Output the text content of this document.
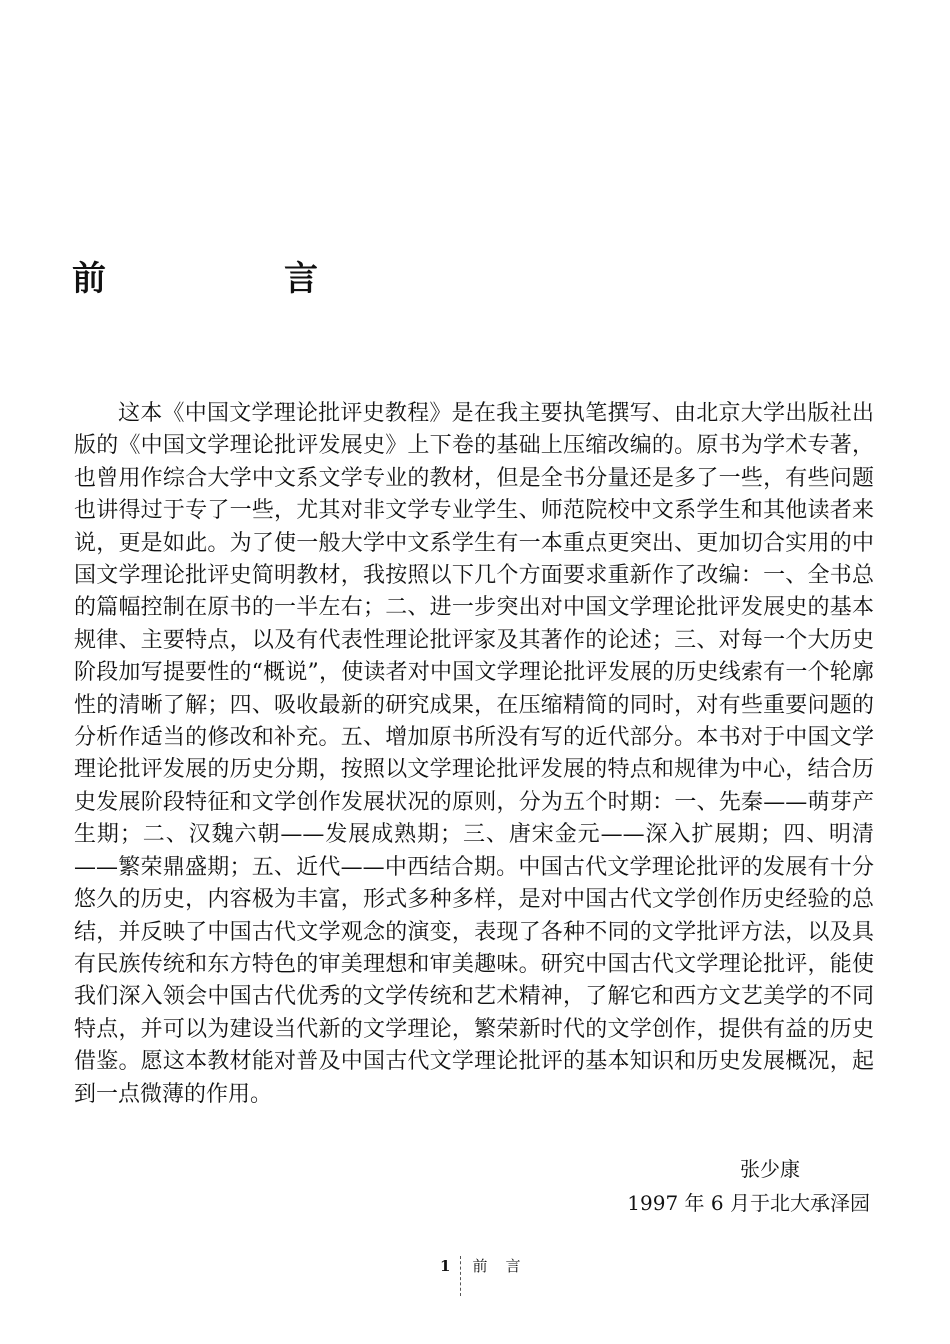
前　言

这本《中国文学理论批评史教程》是在我主要执笔撰写、由北京大学出版社出版的《中国文学理论批评发展史》上下卷的基础上压缩改编的。原书为学术专著，也曾用作综合大学中文系文学专业的教材，但是全书分量还是多了一些，有些问题也讲得过于专了一些，尤其对非文学专业学生、师范院校中文系学生和其他读者来说，更是如此。为了使一般大学中文系学生有一本重点更突出、更加切合实用的中国文学理论批评史简明教材，我按照以下几个方面要求重新作了改编：一、全书总的篇幅控制在原书的一半左右；二、进一步突出对中国文学理论批评发展史的基本规律、主要特点，以及有代表性理论批评家及其著作的论述；三、对每一个大历史阶段加写提要性的“概说”，使读者对中国文学理论批评发展的历史线索有一个轮廓性的清晰了解；四、吸收最新的研究成果，在压缩精简的同时，对有些重要问题的分析作适当的修改和补充。五、增加原书所没有写的近代部分。本书对于中国文学理论批评发展的历史分期，按照以文学理论批评发展的特点和规律为中心，结合历史发展阶段特征和文学创作发展状况的原则，分为五个时期：一、先秦——萌芽产生期；二、汉魏六朝——发展成熟期；三、唐宋金元——深入扩展期；四、明清——繁荣鼎盛期；五、近代——中西结合期。中国古代文学理论批评的发展有十分悠久的历史，内容极为丰富，形式多种多样，是对中国古代文学创作历史经验的总结，并反映了中国古代文学观念的演变，表现了各种不同的文学批评方法，以及具有民族传统和东方特色的审美理想和审美趣味。研究中国古代文学理论批评，能使我们深入领会中国古代优秀的文学传统和艺术精神，了解它和西方文艺美学的不同特点，并可以为建设当代新的文学理论，繁荣新时代的文学创作，提供有益的历史借鉴。愿这本教材能对普及中国古代文学理论批评的基本知识和历史发展概况，起到一点微薄的作用。

张少康
1997 年 6 月于北大承泽园
1 前言
